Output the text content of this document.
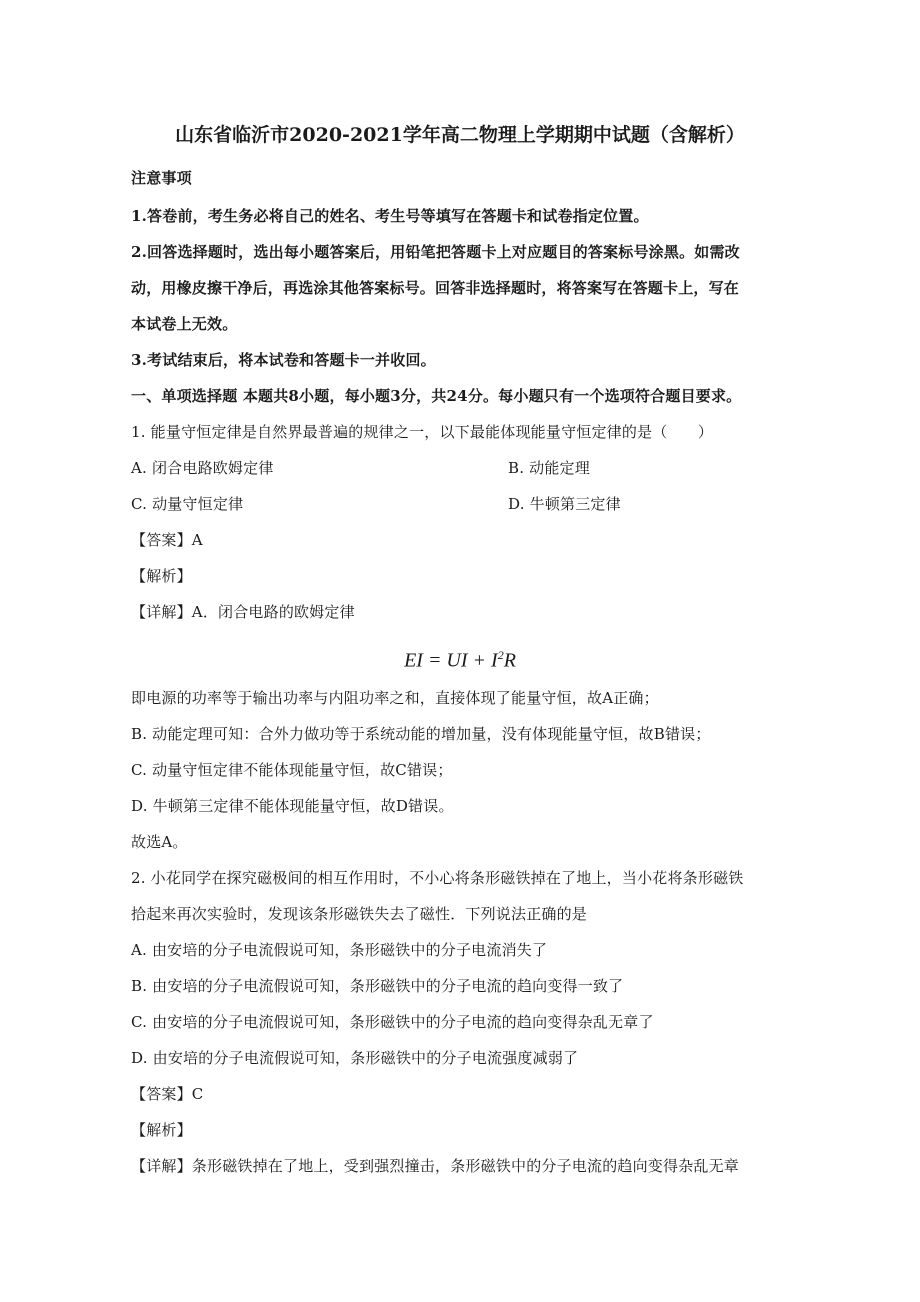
山东省临沂市2020-2021学年高二物理上学期期中试题（含解析）
注意事项
1.答卷前，考生务必将自己的姓名、考生号等填写在答题卡和试卷指定位置。
2.回答选择题时，选出每小题答案后，用铅笔把答题卡上对应题目的答案标号涂黑。如需改
动，用橡皮擦干净后，再选涂其他答案标号。回答非选择题时，将答案写在答题卡上，写在
本试卷上无效。
3.考试结束后，将本试卷和答题卡一并收回。
一、单项选择题 本题共8小题，每小题3分，共24分。每小题只有一个选项符合题目要求。
1. 能量守恒定律是自然界最普遍的规律之一，以下最能体现能量守恒定律的是（　　）
A. 闭合电路欧姆定律	B. 动能定理
C. 动量守恒定律	D. 牛顿第三定律
【答案】A
【解析】
【详解】A．闭合电路的欧姆定律
EI = UI + $I^2R$
即电源的功率等于输出功率与内阻功率之和，直接体现了能量守恒，故A正确；
B. 动能定理可知：合外力做功等于系统动能的增加量，没有体现能量守恒，故B错误；
C. 动量守恒定律不能体现能量守恒，故C错误；
D. 牛顿第三定律不能体现能量守恒，故D错误。
故选A。
2. 小花同学在探究磁极间的相互作用时，不小心将条形磁铁掉在了地上，当小花将条形磁铁
拾起来再次实验时，发现该条形磁铁失去了磁性．下列说法正确的是
A. 由安培的分子电流假说可知，条形磁铁中的分子电流消失了
B. 由安培的分子电流假说可知，条形磁铁中的分子电流的趋向变得一致了
C. 由安培的分子电流假说可知，条形磁铁中的分子电流的趋向变得杂乱无章了
D. 由安培的分子电流假说可知，条形磁铁中的分子电流强度减弱了
【答案】C
【解析】
【详解】条形磁铁掉在了地上，受到强烈撞击，条形磁铁中的分子电流的趋向变得杂乱无章
